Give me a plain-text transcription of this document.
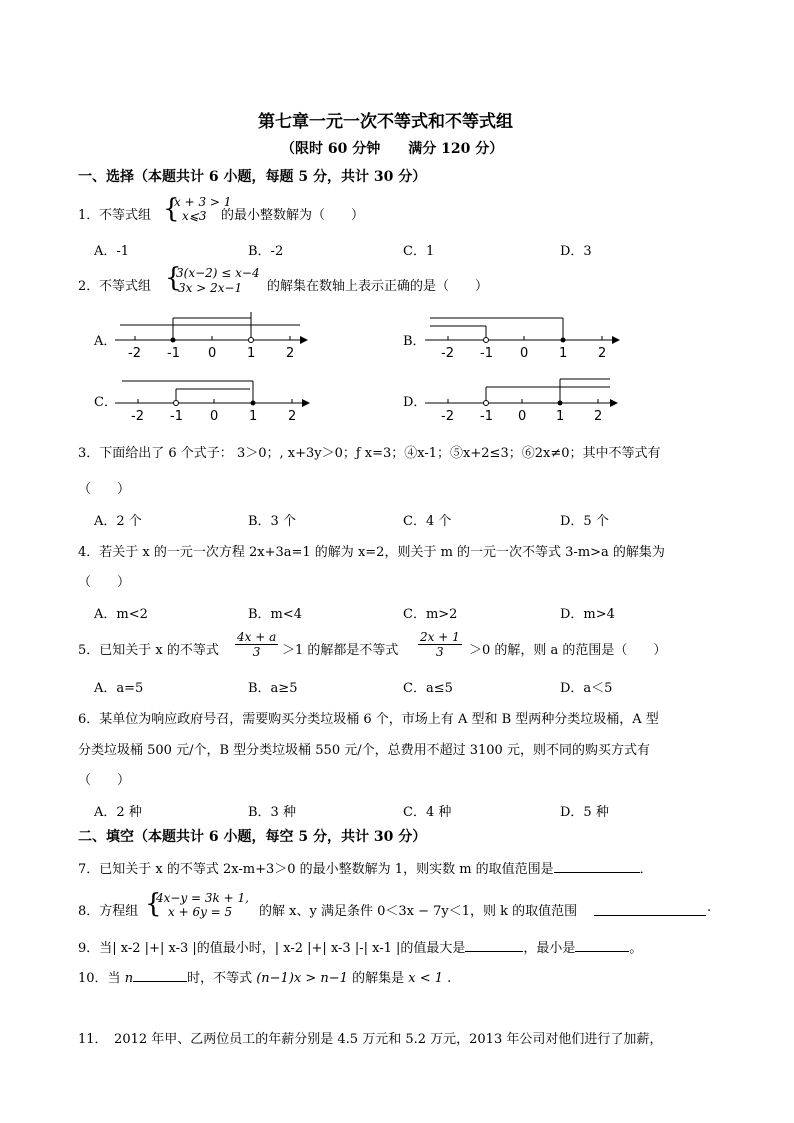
第七章一元一次不等式和不等式组
（限时 60 分钟　　满分 120 分）
一、选择（本题共计 6 小题，每题 5 分，共计 30 分）
1． 不等式组 {
x + 3 > 1
x⩽3 的最小整数解为（　　）
A．-1	B．-2	C．1	D．3
2． 不等式组 {
3(x−2) ≤ x−4
3x > 2x−1 的解集在数轴上表示正确的是（　　）
A．
-2 -1 0 1 2
B．
-2 -1 0 1 2
C．
-2 -1 0 1 2
D．
-2 -1 0 1 2
3．下面给出了 6 个式子： 3＞0；, x+3y＞0；ƒ x=3；④x-1；⑤x+2≤3；⑥2x≠0；其中不等式有
（　　）
A．2 个	B．3 个	C．4 个	D．5 个
4．若关于 x 的一元一次方程 2x+3a=1 的解为 x=2，则关于 m 的一元一次不等式 3-m>a 的解集为
（　　）
A．m<2	B．m<4	C．m>2	D．m>4
5．已知关于 x 的不等式 $\frac{4x + a}{3} >1$ 的解都是不等式 $\frac{2x + 1}{3} >0$ 的解，则 a 的范围是（　　）
A．a=5	B．a≥5	C．a≤5	D．a＜5
6．某单位为响应政府号召，需要购买分类垃圾桶 6 个，市场上有 A 型和 B 型两种分类垃圾桶，A 型
分类垃圾桶 500 元/个，B 型分类垃圾桶 550 元/个，总费用不超过 3100 元，则不同的购买方式有
（　　）
A．2 种	B．3 种	C．4 种	D．5 种
二、填空（本题共计 6 小题，每空 5 分，共计 30 分）
7．已知关于 x 的不等式 2x-m+3＞0 的最小整数解为 1，则实数 m 的取值范围是	．
8．方程组 {
4x−y = 3k + 1,
x + 6y = 5 的解 x、y 满足条件 0＜3x − 7y＜1，则 k 的取值范围	.
9．当| x-2 |+| x-3 |的值最小时，| x-2 |+| x-3 |-| x-1 |的值最大是	，最小是	。
10．当 n	时，不等式 (n−1)x > n−1 的解集是 x < 1 .
11．　2012 年甲、乙两位员工的年薪分别是 4.5 万元和 5.2 万元，2013 年公司对他们进行了加薪，
